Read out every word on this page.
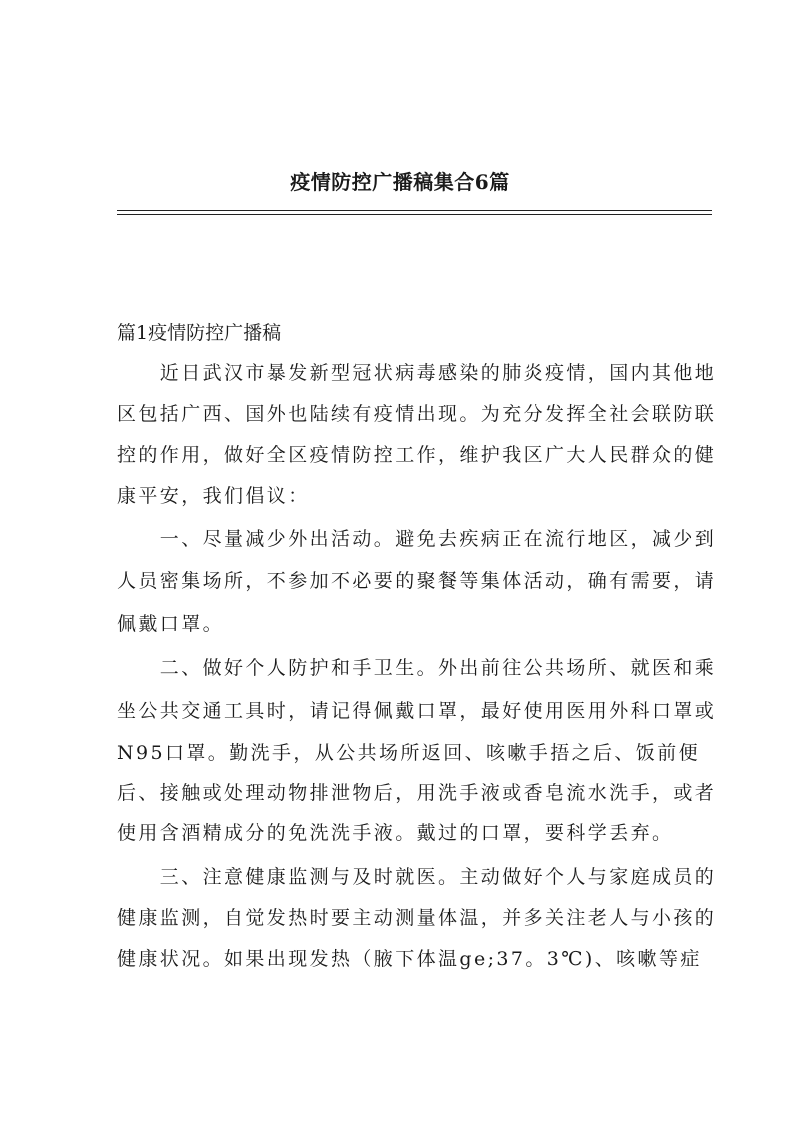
疫情防控广播稿集合6篇
篇1疫情防控广播稿
　　近日武汉市暴发新型冠状病毒感染的肺炎疫情，国内其他地
区包括广西、国外也陆续有疫情出现。为充分发挥全社会联防联
控的作用，做好全区疫情防控工作，维护我区广大人民群众的健
康平安，我们倡议：
　　一、尽量减少外出活动。避免去疾病正在流行地区，减少到
人员密集场所，不参加不必要的聚餐等集体活动，确有需要，请
佩戴口罩。
　　二、做好个人防护和手卫生。外出前往公共场所、就医和乘
坐公共交通工具时，请记得佩戴口罩，最好使用医用外科口罩或
N95口罩。勤洗手，从公共场所返回、咳嗽手捂之后、饭前便
后、接触或处理动物排泄物后，用洗手液或香皂流水洗手，或者
使用含酒精成分的免洗洗手液。戴过的口罩，要科学丢弃。
　　三、注意健康监测与及时就医。主动做好个人与家庭成员的
健康监测，自觉发热时要主动测量体温，并多关注老人与小孩的
健康状况。如果出现发热（腋下体温ge;37。3℃)、咳嗽等症
